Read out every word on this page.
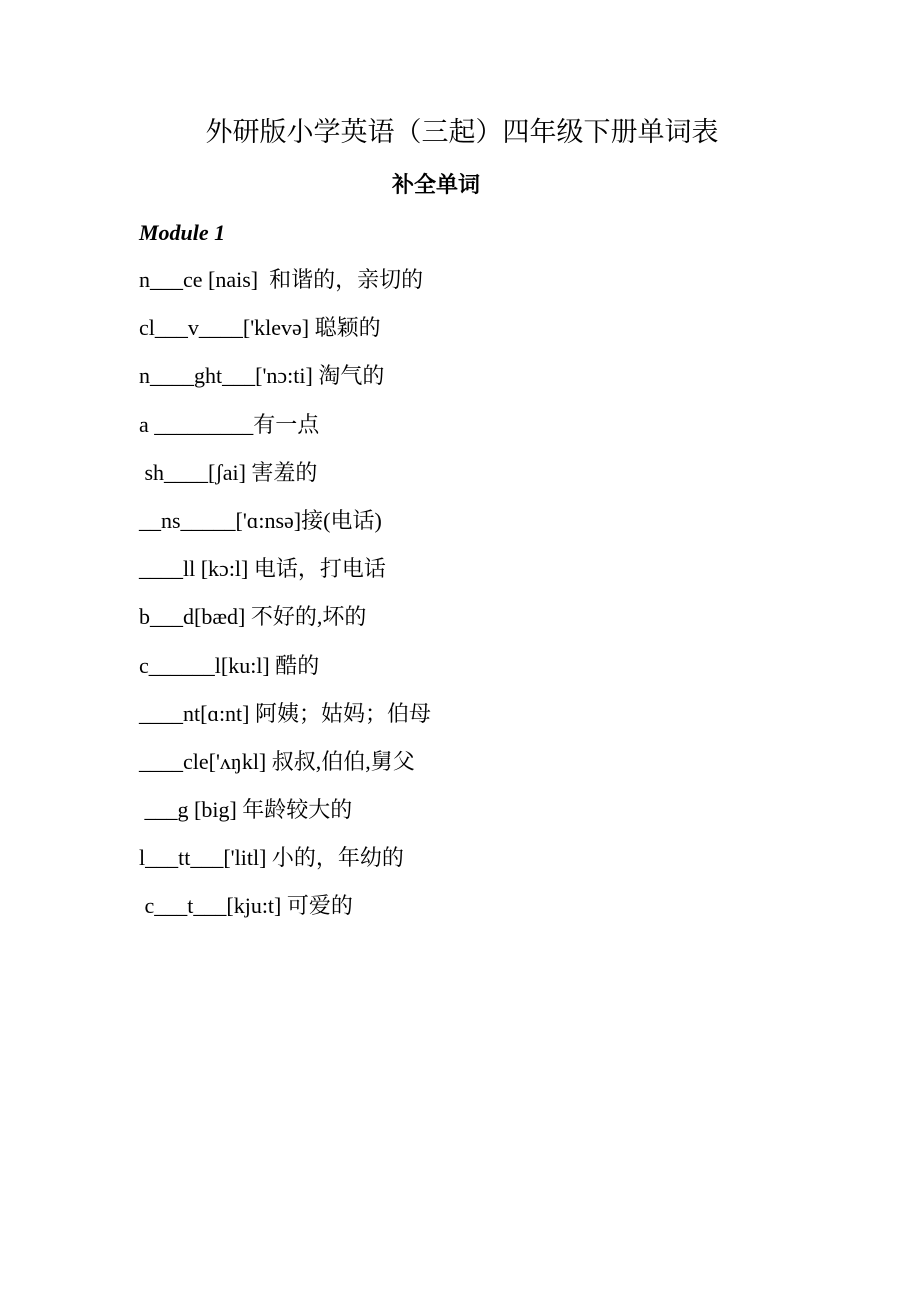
外研版小学英语（三起）四年级下册单词表
补全单词
Module 1
n___ce [nais]  和谐的，亲切的
cl___v____['klevə] 聪颖的
n____ght___['nɔ:ti] 淘气的
a _________有一点
sh____[ʃai] 害羞的
__ns_____['ɑ:nsə]接(电话)
____ll [kɔ:l] 电话，打电话
b___d[bæd] 不好的,坏的
c______l[ku:l] 酷的
____nt[ɑ:nt] 阿姨；姑妈；伯母
____cle['ʌŋkl] 叔叔,伯伯,舅父
___g [big] 年龄较大的
l___tt___['litl] 小的，年幼的
c___t___[kju:t] 可爱的
